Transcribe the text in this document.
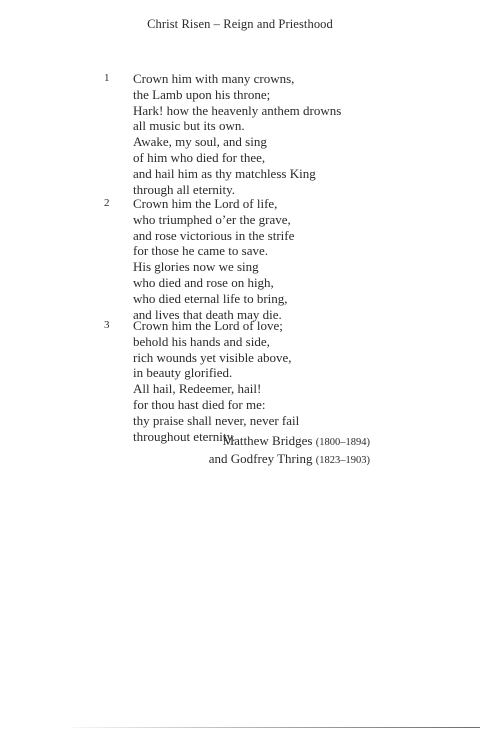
Christ Risen – Reign and Priesthood
1 Crown him with many crowns,
the Lamb upon his throne;
Hark! how the heavenly anthem drowns
all music but its own.
Awake, my soul, and sing
of him who died for thee,
and hail him as thy matchless King
through all eternity.
2 Crown him the Lord of life,
who triumphed o’er the grave,
and rose victorious in the strife
for those he came to save.
His glories now we sing
who died and rose on high,
who died eternal life to bring,
and lives that death may die.
3 Crown him the Lord of love;
behold his hands and side,
rich wounds yet visible above,
in beauty glorified.
All hail, Redeemer, hail!
for thou hast died for me:
thy praise shall never, never fail
throughout eternity.
Matthew Bridges (1800–1894)
and Godfrey Thring (1823–1903)
